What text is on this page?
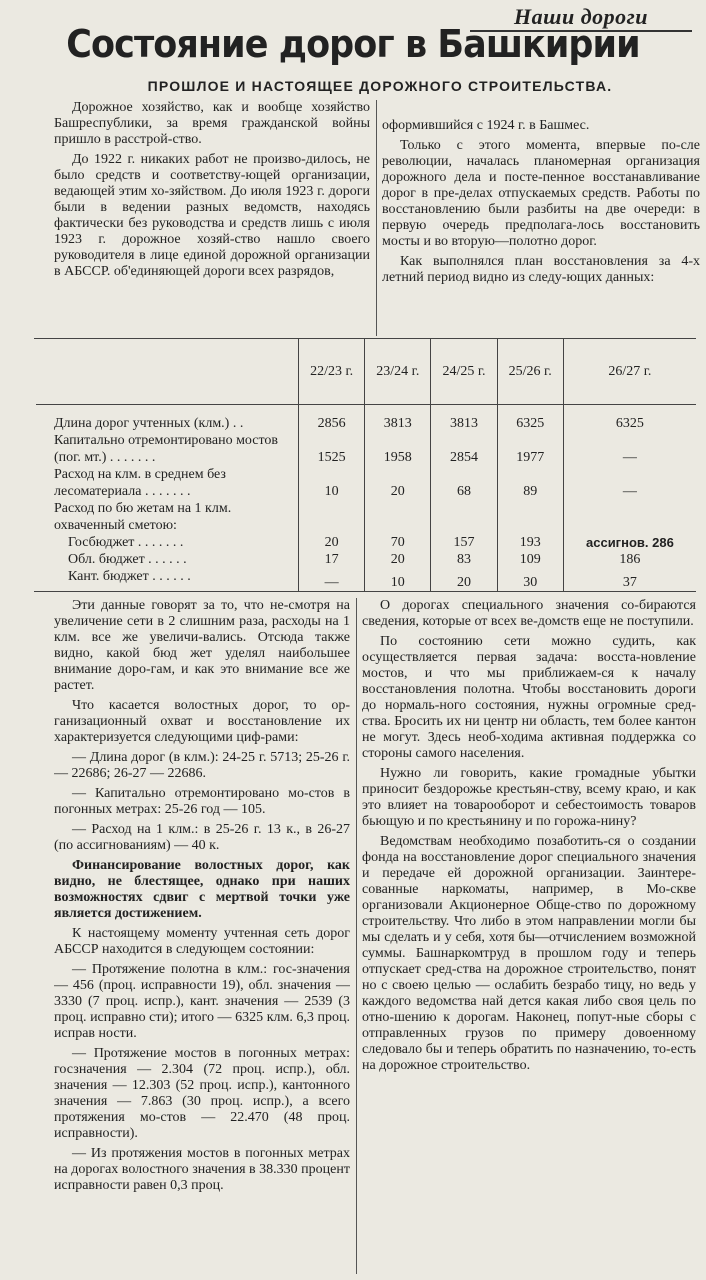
Наши дороги
Состояние дорог в Башкирии
ПРОШЛОЕ И НАСТОЯЩЕЕ ДОРОЖНОГО СТРОИТЕЛЬСТВА.

Дорожное хозяйство, как и вообще хозяйство Башреспублики, за время гражданской войны пришло в расстрой-ство.

До 1922 г. никаких работ не произво-дилось, не было средств и соответству-ющей организации, ведающей этим хо-зяйством. До июля 1923 г. дороги были в ведении разных ведомств, находясь фактически без руководства и средств лишь с июля 1923 г. дорожное хозяй-ство нашло своего руководителя в лице единой дорожной организации в АБССР. об'единяющей дороги всех разрядов,

оформившийся с 1924 г. в Башмес.

Только с этого момента, впервые по-сле революции, началась планомерная организация дорожного дела и посте-пенное восстанавливание дорог в пре-делах отпускаемых средств. Работы по восстановлению были разбиты на две очереди: в первую очередь предполага-лось восстановить мосты и во вторую—полотно дорог.

Как выполнялся план восстановления за 4-х летний период видно из следу-ющих данных:

	22/23 г.	23/24 г.	24/25 г.	25/26 г.	26/27 г.
Длина дорог учтенных (клм.) . .	2856	3813	3813	6325	6325
Капитально отремонтировано мостов (пог. мт.) . . . . . . .	1525	1958	2854	1977	—
Расход на клм. в среднем без лесоматериала . . . . . . .	10	20	68	89	—
Расход по бю жетам на 1 клм. охваченный сметою:					
Госбюджет . . . . . . .	20	70	157	193	ассигнов. 286
Обл. бюджет . . . . . .	17	20	83	109	186
Кант. бюджет . . . . . .	—	10	20	30	37

Эти данные говорят за то, что не-смотря на увеличение сети в 2 слишним раза, расходы на 1 клм. все же увеличи-вались. Отсюда также видно, какой бюд жет уделял наибольшее внимание доро-гам, и как это внимание все же растет.

Что касается волостных дорог, то ор-ганизационный охват и восстановление их характеризуется следующими циф-рами:

— Длина дорог (в клм.): 24-25 г. 5713; 25-26 г. — 22686; 26-27 — 22686.

— Капитально отремонтировано мо-стов в погонных метрах: 25-26 год — 105.

— Расход на 1 клм.: в 25-26 г. 13 к., в 26-27 (по ассигнованиям) — 40 к.

Финансирование волостных дорог, как видно, не блестящее, однако при наших возможностях сдвиг с мертвой точки уже является достижением.

К настоящему моменту учтенная сеть дорог АБССР находится в следующем состоянии:

— Протяжение полотна в клм.: гос-значения — 456 (проц. исправности 19), обл. значения — 3330 (7 проц. испр.), кант. значения — 2539 (3 проц. исправно сти); итого — 6325 клм. 6,3 проц. исправ ности.

— Протяжение мостов в погонных метрах: госзначения — 2.304 (72 проц. испр.), обл. значения — 12.303 (52 проц. испр.), кантонного значения — 7.863 (30 проц. испр.), а всего протяжения мо-стов — 22.470 (48 проц. исправности).

— Из протяжения мостов в погонных метрах на дорогах волостного значения в 38.330 процент исправности равен 0,3 проц.

О дорогах специального значения со-бираются сведения, которые от всех ве-домств еще не поступили.

По состоянию сети можно судить, как осуществляется первая задача: восста-новление мостов, и что мы приближаем-ся к началу восстановления полотна. Чтобы восстановить дороги до нормаль-ного состояния, нужны огромные сред-ства. Бросить их ни центр ни область, тем более кантон не могут. Здесь необ-ходима активная поддержка со стороны самого населения.

Нужно ли говорить, какие громадные убытки приносит бездорожье крестьян-ству, всему краю, и как это влияет на товарооборот и себестоимость товаров бьющую и по крестьянину и по горожа-нину?

Ведомствам необходимо позаботить-ся о создании фонда на восстановление дорог специального значения и передаче ей дорожной организации. Заинтере-сованные наркоматы, например, в Мо-скве организовали Акционерное Обще-ство по дорожному строительству. Что либо в этом направлении могли бы мы сделать и у себя, хотя бы—отчислением возможной суммы. Башнаркомтруд в прошлом году и теперь отпускает сред-ства на дорожное строительство, понят но с своею целью — ослабить безрабо тицу, но ведь у каждого ведомства най дется какая либо своя цель по отно-шению к дорогам. Наконец, попут-ные сборы с отправленных грузов по примеру довоенному следовало бы и теперь обратить по назначению, то-есть на дорожное строительство.
